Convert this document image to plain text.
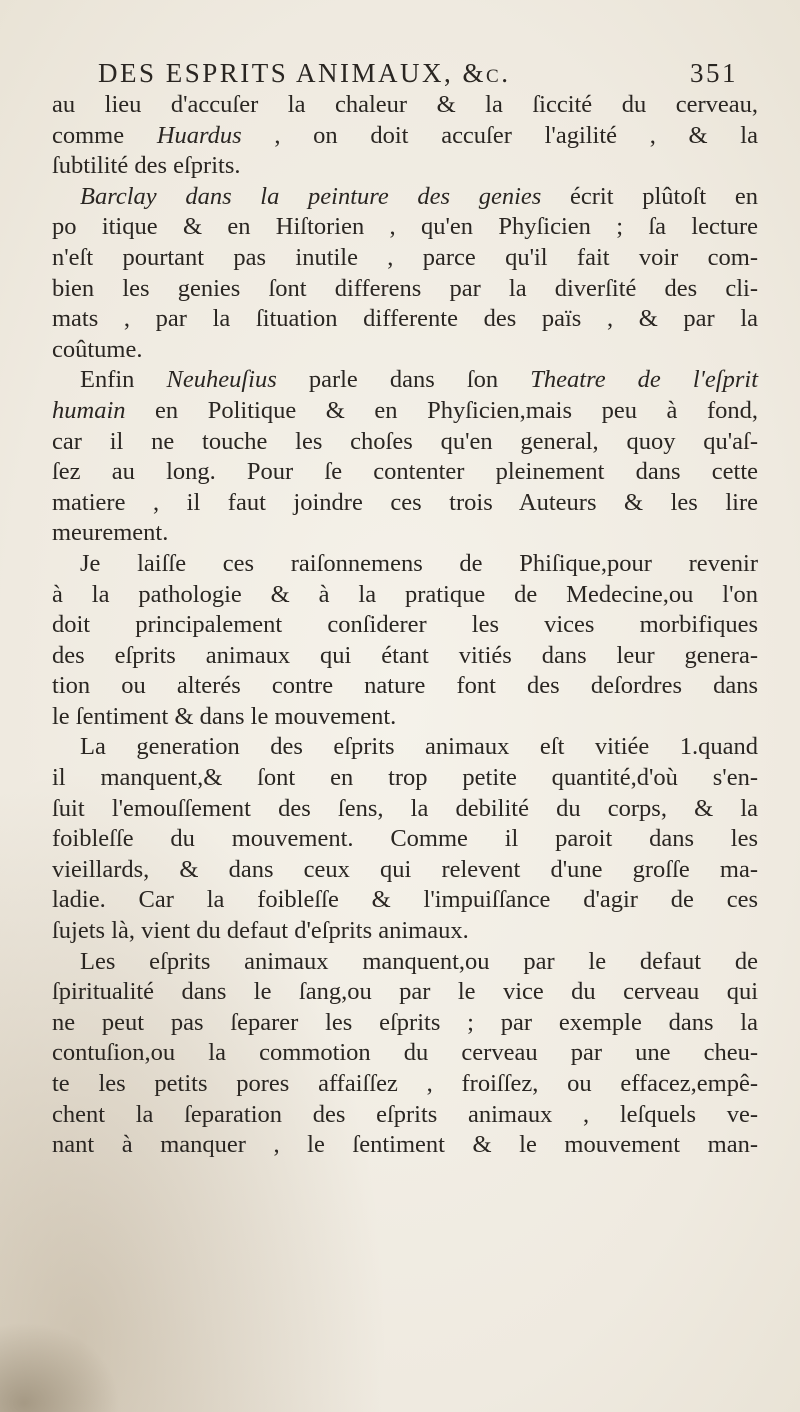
DES ESPRITS ANIMAUX, &c.	351
au lieu d'accuſer la chaleur & la ſiccité du cerveau,
comme Huardus , on doit accuſer l'agilité , & la
ſubtilité des eſprits.
Barclay dans la peinture des genies écrit plûtoſt en
po itique & en Hiſtorien , qu'en Phyſicien ; ſa lecture
n'eſt pourtant pas inutile , parce qu'il fait voir com-
bien les genies ſont differens par la diverſité des cli-
mats , par la ſituation differente des païs , & par la
coûtume.
Enfin Neuheuſius parle dans ſon Theatre de l'eſprit
humain en Politique & en Phyſicien,mais peu à fond,
car il ne touche les choſes qu'en general, quoy qu'aſ-
ſez au long. Pour ſe contenter pleinement dans cette
matiere , il faut joindre ces trois Auteurs & les lire
meurement.
Je laiſſe ces raiſonnemens de Phiſique,pour revenir
à la pathologie & à la pratique de Medecine,ou l'on
doit principalement conſiderer les vices morbifiques
des eſprits animaux qui étant vitiés dans leur genera-
tion ou alterés contre nature font des deſordres dans
le ſentiment & dans le mouvement.
La generation des eſprits animaux eſt vitiée 1.quand
il manquent,& ſont en trop petite quantité,d'où s'en-
ſuit l'emouſſement des ſens, la debilité du corps, & la
foibleſſe du mouvement. Comme il paroit dans les
vieillards, & dans ceux qui relevent d'une groſſe ma-
ladie. Car la foibleſſe & l'impuiſſance d'agir de ces
ſujets là, vient du defaut d'eſprits animaux.
Les eſprits animaux manquent,ou par le defaut de
ſpiritualité dans le ſang,ou par le vice du cerveau qui
ne peut pas ſeparer les eſprits ; par exemple dans la
contuſion,ou la commotion du cerveau par une cheu-
te les petits pores affaiſſez , froiſſez, ou effacez,empê-
chent la ſeparation des eſprits animaux , leſquels ve-
nant à manquer , le ſentiment & le mouvement man-
